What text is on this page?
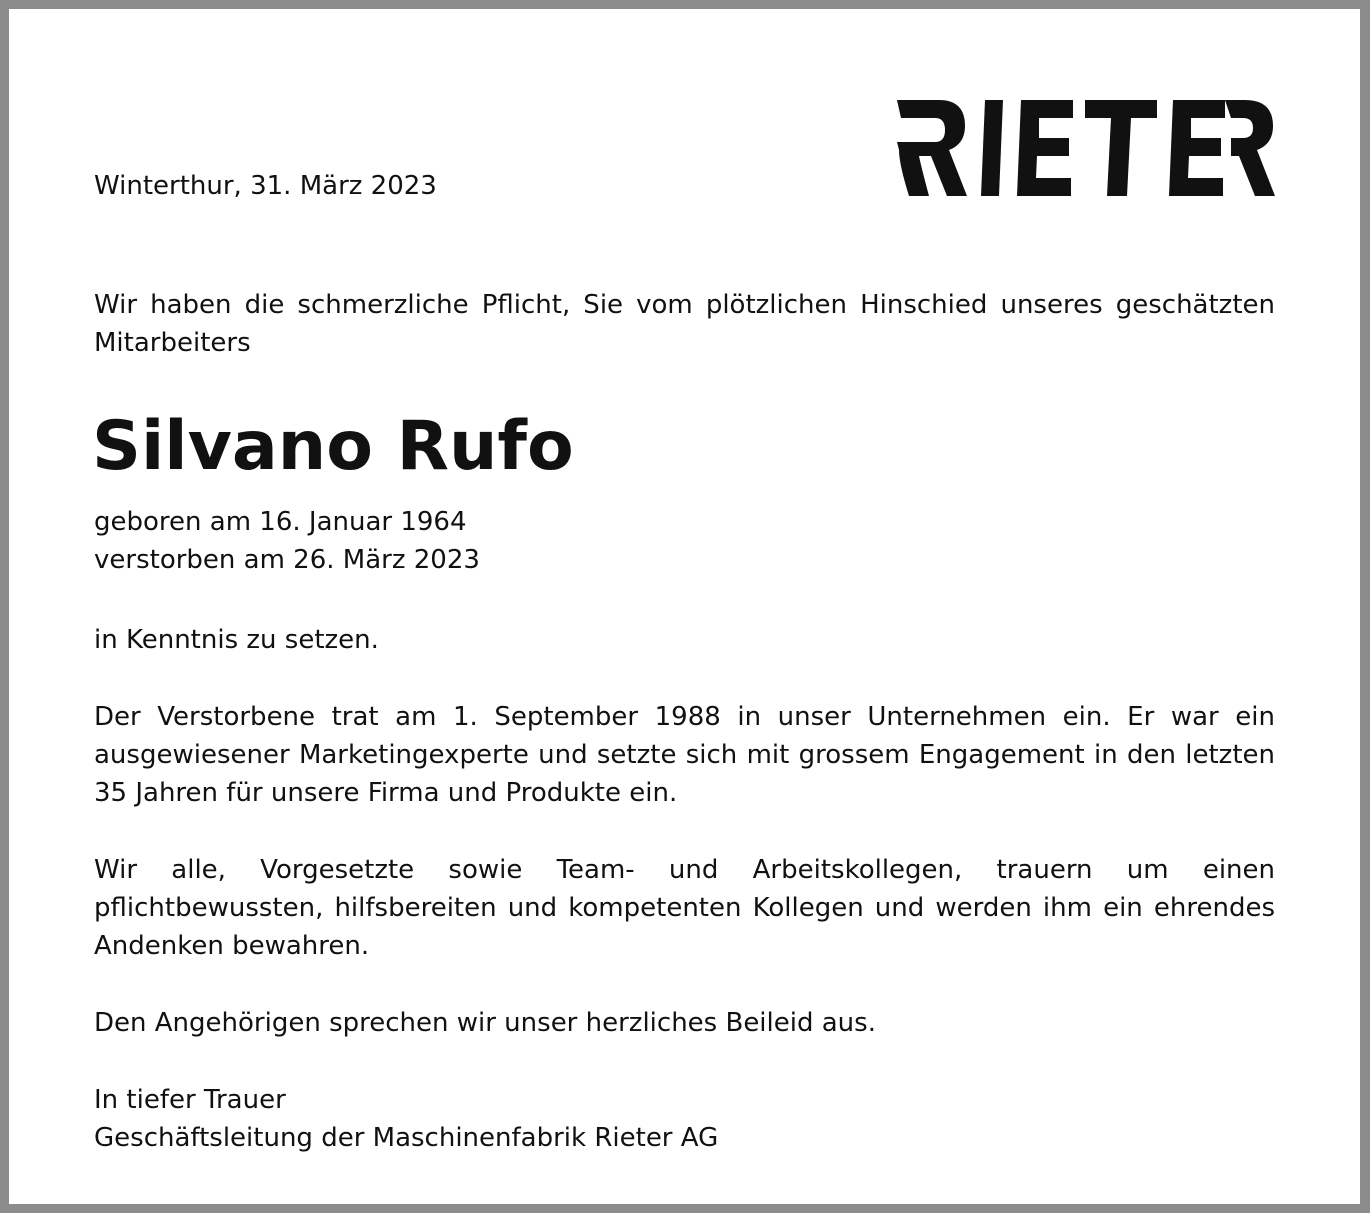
Winterthur, 31. März 2023

Wir haben die schmerzliche Pflicht, Sie vom plötzlichen Hinschied unseres geschätzten Mitarbeiters

Silvano Rufo
geboren am 16. Januar 1964
verstorben am 26. März 2023

in Kenntnis zu setzen.

Der Verstorbene trat am 1. September 1988 in unser Unternehmen ein. Er war ein ausgewiesener Marketingexperte und setzte sich mit grossem Engagement in den letzten 35 Jahren für unsere Firma und Produkte ein.

Wir alle, Vorgesetzte sowie Team- und Arbeitskollegen, trauern um einen pflichtbewussten, hilfsbereiten und kompetenten Kollegen und werden ihm ein ehrendes Andenken bewahren.

Den Angehörigen sprechen wir unser herzliches Beileid aus.

In tiefer Trauer
Geschäftsleitung der Maschinenfabrik Rieter AG
